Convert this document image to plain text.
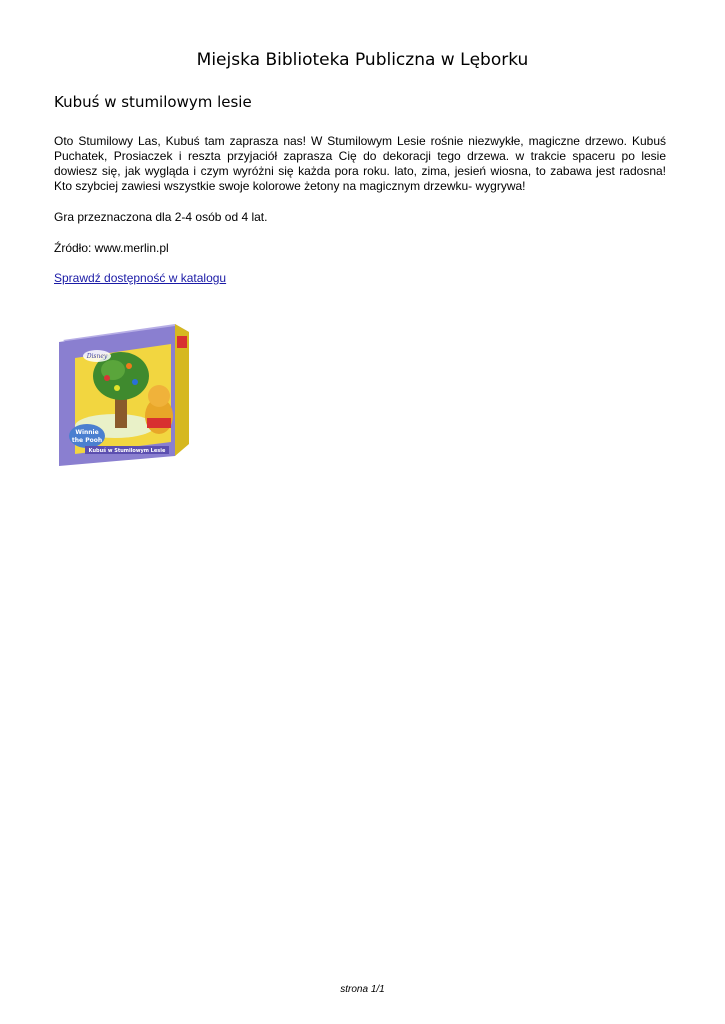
Miejska Biblioteka Publiczna w Lęborku
Kubuś w stumilowym lesie
Oto Stumilowy Las, Kubuś tam zaprasza nas! W Stumilowym Lesie rośnie niezwykłe, magiczne drzewo. Kubuś Puchatek, Prosiaczek i reszta przyjaciół zaprasza Cię do dekoracji tego drzewa. w trakcie spaceru po lesie dowiesz się, jak wygląda i czym wyróżni się każda pora roku. lato, zima, jesień wiosna, to zabawa jest radosna! Kto szybciej zawiesi wszystkie swoje kolorowe żetony na magicznym drzewku- wygrywa!
Gra przeznaczona dla 2-4 osób od 4 lat.
Źródło: www.merlin.pl
Sprawdź dostępność w katalogu
Winnie
the Pooh
Disney
Kubuś w Stumilowym Lesie
strona 1/1
